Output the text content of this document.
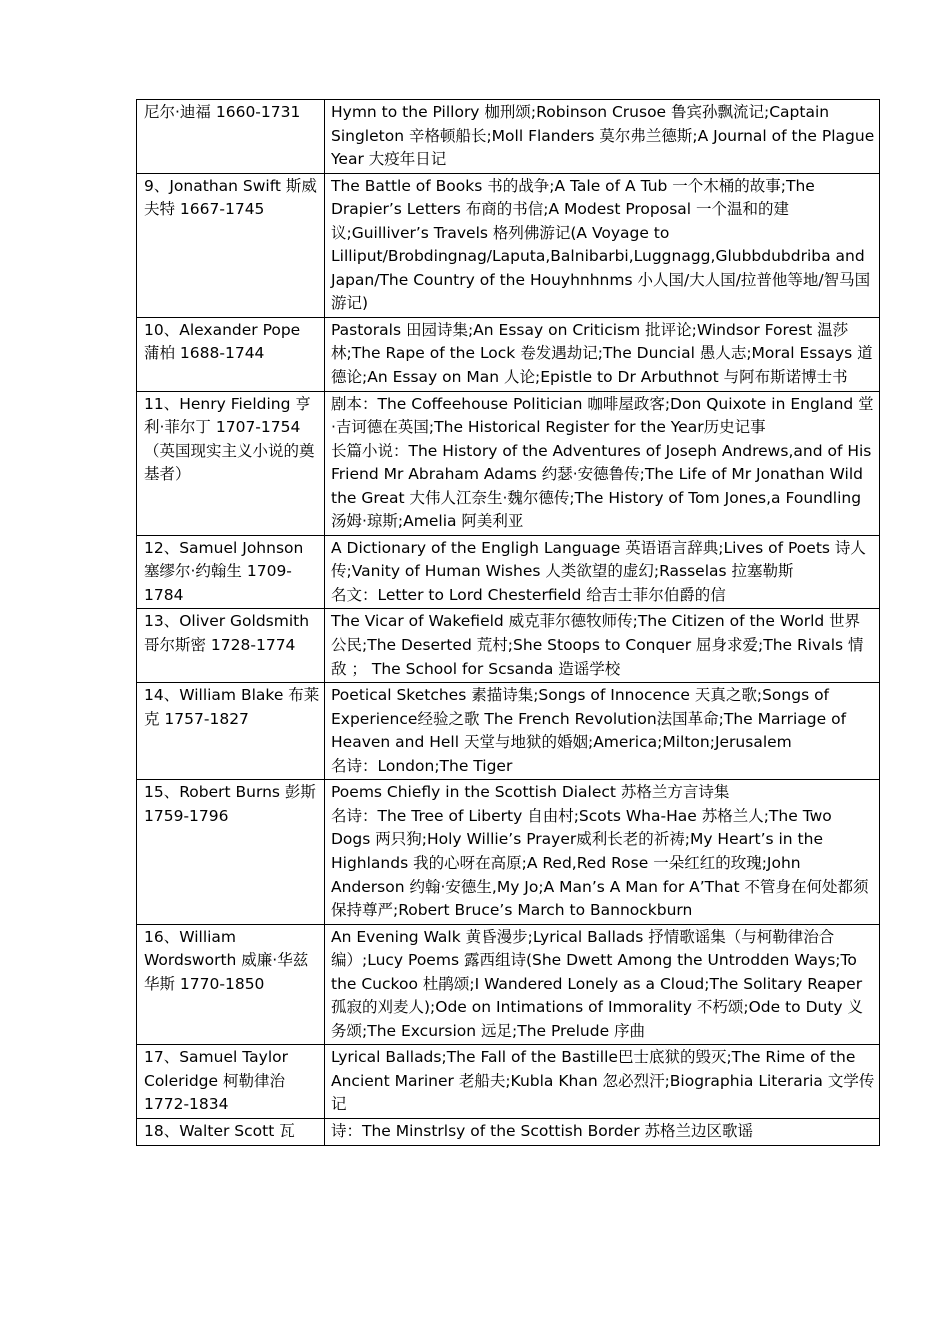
尼尔·迪福 1660-1731	Hymn to the Pillory 枷刑颂;Robinson Crusoe 鲁宾孙飘流记;Captain Singleton 辛格顿船长;Moll Flanders 莫尔弗兰德斯;A Journal of the Plague Year 大疫年日记

9、Jonathan Swift 斯威夫特 1667-1745	The Battle of Books 书的战争;A Tale of A Tub 一个木桶的故事;The Drapier’s Letters 布商的书信;A Modest Proposal 一个温和的建议;Guilliver’s Travels 格列佛游记(A Voyage to Lilliput/Brobdingnag/Laputa,Balnibarbi,Luggnagg,Glubbdubdriba and Japan/The Country of the Houyhnhnms 小人国/大人国/拉普他等地/智马国游记)

10、Alexander Pope 蒲柏 1688-1744	Pastorals 田园诗集;An Essay on Criticism 批评论;Windsor Forest 温莎林;The Rape of the Lock 卷发遇劫记;The Duncial 愚人志;Moral Essays 道德论;An Essay on Man 人论;Epistle to Dr Arbuthnot 与阿布斯诺博士书

11、Henry Fielding 亨利·菲尔丁 1707-1754
（英国现实主义小说的奠基者）	剧本：The Coffeehouse Politician 咖啡屋政客;Don Quixote in England 堂·吉诃德在英国;The Historical Register for the Year历史记事
长篇小说：The History of the Adventures of Joseph Andrews,and of His Friend Mr Abraham Adams 约瑟·安德鲁传;The Life of Mr Jonathan Wild the Great 大伟人江奈生·魏尔德传;The History of Tom Jones,a Foundling 汤姆·琼斯;Amelia 阿美利亚

12、Samuel Johnson 塞缪尔·约翰生 1709-1784	A Dictionary of the Engligh Language 英语语言辞典;Lives of Poets 诗人传;Vanity of Human Wishes 人类欲望的虚幻;Rasselas 拉塞勒斯
名文：Letter to Lord Chesterfield 给吉士菲尔伯爵的信

13、Oliver Goldsmith 哥尔斯密 1728-1774	The Vicar of Wakefield 威克菲尔德牧师传;The Citizen of the World 世界公民;The Deserted 荒村;She Stoops to Conquer 屈身求爱;The Rivals 情敌 ； The School for Scsanda 造谣学校

14、William Blake 布莱克 1757-1827	Poetical Sketches 素描诗集;Songs of Innocence 天真之歌;Songs of Experience经验之歌 The French Revolution法国革命;The Marriage of Heaven and Hell 天堂与地狱的婚姻;America;Milton;Jerusalem
名诗：London;The Tiger

15、Robert Burns 彭斯 1759-1796	Poems Chiefly in the Scottish Dialect 苏格兰方言诗集
名诗：The Tree of Liberty 自由村;Scots Wha-Hae 苏格兰人;The Two Dogs 两只狗;Holy Willie’s Prayer威利长老的祈祷;My Heart’s in the Highlands 我的心呀在高原;A Red,Red Rose 一朵红红的玫瑰;John Anderson 约翰·安德生,My Jo;A Man’s A Man for A’That 不管身在何处都须保持尊严;Robert Bruce’s March to Bannockburn

16、William Wordsworth 威廉·华兹华斯 1770-1850	An Evening Walk 黄昏漫步;Lyrical Ballads 抒情歌谣集（与柯勒律治合编）;Lucy Poems 露西组诗(She Dwett Among the Untrodden Ways;To the Cuckoo 杜鹃颂;I Wandered Lonely as a Cloud;The Solitary Reaper 孤寂的刈麦人);Ode on Intimations of Immorality 不朽颂;Ode to Duty 义务颂;The Excursion 远足;The Prelude 序曲

17、Samuel Taylor Coleridge 柯勒律治 1772-1834	Lyrical Ballads;The Fall of the Bastille巴士底狱的毁灭;The Rime of the Ancient Mariner 老船夫;Kubla Khan 忽必烈汗;Biographia Literaria 文学传记

18、Walter Scott 瓦	诗：The Minstrlsy of the Scottish Border 苏格兰边区歌谣
